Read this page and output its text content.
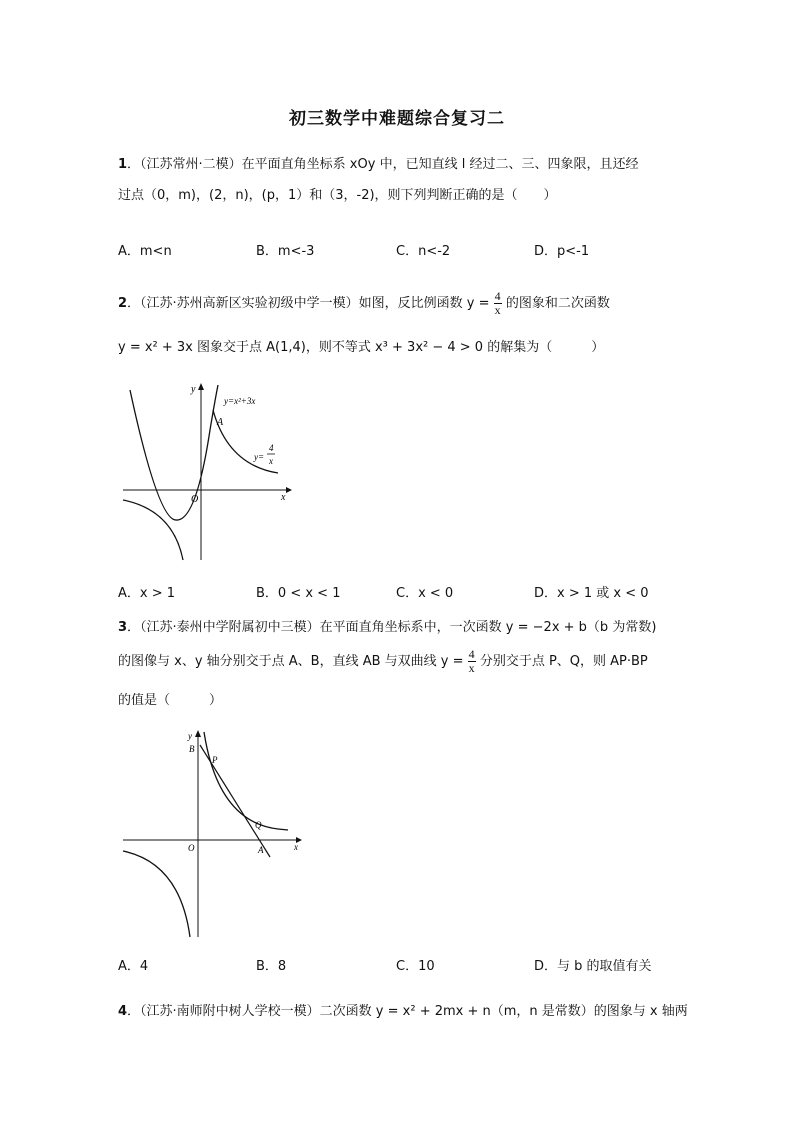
初三数学中难题综合复习二
1．（江苏常州·二模）在平面直角坐标系 xOy 中，已知直线 l 经过二、三、四象限，且还经
过点（0，m)，(2，n)，(p，1）和（3，-2)，则下列判断正确的是（　　）
A．m<n	B．m<-3	C．n<-2	D．p<-1
2．（江苏·苏州高新区实验初级中学一模）如图，反比例函数 $y = \frac{4}{x}$ 的图象和二次函数
y = x² + 3x 图象交于点 A(1,4)，则不等式 x³ + 3x² − 4 > 0 的解集为（　　　）
y=x²+3x
A
y=
4
x
O	x
y
A．x > 1	B．0 < x < 1	C．x < 0	D．x > 1 或 x < 0
3．（江苏·泰州中学附属初中三模）在平面直角坐标系中，一次函数 y = −2x + b（b 为常数)
的图像与 x、y 轴分别交于点 A、B，直线 AB 与双曲线 $y = \frac{4}{x}$ 分别交于点 P、Q，则 AP·BP
的值是（　　　）
B
P
Q
A
O	x
y
A．4	B．8	C．10	D．与 b 的取值有关
4．（江苏·南师附中树人学校一模）二次函数 y = x² + 2mx + n（m，n 是常数）的图象与 x 轴两
